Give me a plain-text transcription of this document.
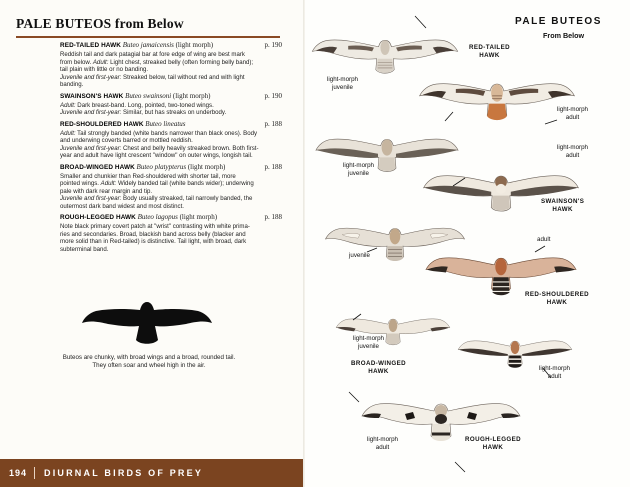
PALE BUTEOS from Below
RED-TAILED HAWK Buteo jamaicensis (light morph)	p. 190
Reddish tail and dark patagial bar at fore edge of wing are best mark
from below. Adult: Light chest, streaked belly (often forming belly band);
tail plain with little or no banding.
Juvenile and first-year: Streaked below, tail without red and with light
banding.
SWAINSON'S HAWK Buteo swainsoni (light morph)	p. 190
Adult: Dark breast-band. Long, pointed, two-toned wings.
Juvenile and first-year: Similar, but has streaks on underbody.
RED-SHOULDERED HAWK Buteo lineatus	p. 188
Adult: Tail strongly banded (white bands narrower than black ones). Body
and underwing coverts barred or mottled reddish.
Juvenile and first-year: Chest and belly heavily streaked brown. Both first-
year and adult have light crescent "window" on outer wings, longish tail.
BROAD-WINGED HAWK Buteo platypterus (light morph)	p. 188
Smaller and chunkier than Red-shouldered with shorter tail, more
pointed wings. Adult: Widely banded tail (white bands wider); underwing
pale with dark rear margin and tip.
Juvenile and first-year: Body usually streaked, tail narrowly banded, the
outermost dark band widest and most distinct.
ROUGH-LEGGED HAWK Buteo lagopus (light morph)	p. 188
Note black primary covert patch at "wrist" contrasting with white prima-
ries and secondaries. Broad, blackish band across belly (blacker and
more solid than in Red-tailed) is distinctive. Tail light, with broad, dark
subterminal band.
Buteos are chunky, with broad wings and a broad, rounded tail.
They often soar and wheel high in the air.
194 DIURNAL BIRDS OF PREY
PALE BUTEOS
From Below
light-morph
juvenile
RED-TAILED
HAWK
light-morph
adult
light-morph
juvenile
light-morph
adult
SWAINSON'S
HAWK
juvenile
adult
RED-SHOULDERED
HAWK
light-morph
juvenile
BROAD-WINGED
HAWK	light-morph
adult
light-morph
adult
ROUGH-LEGGED
HAWK
